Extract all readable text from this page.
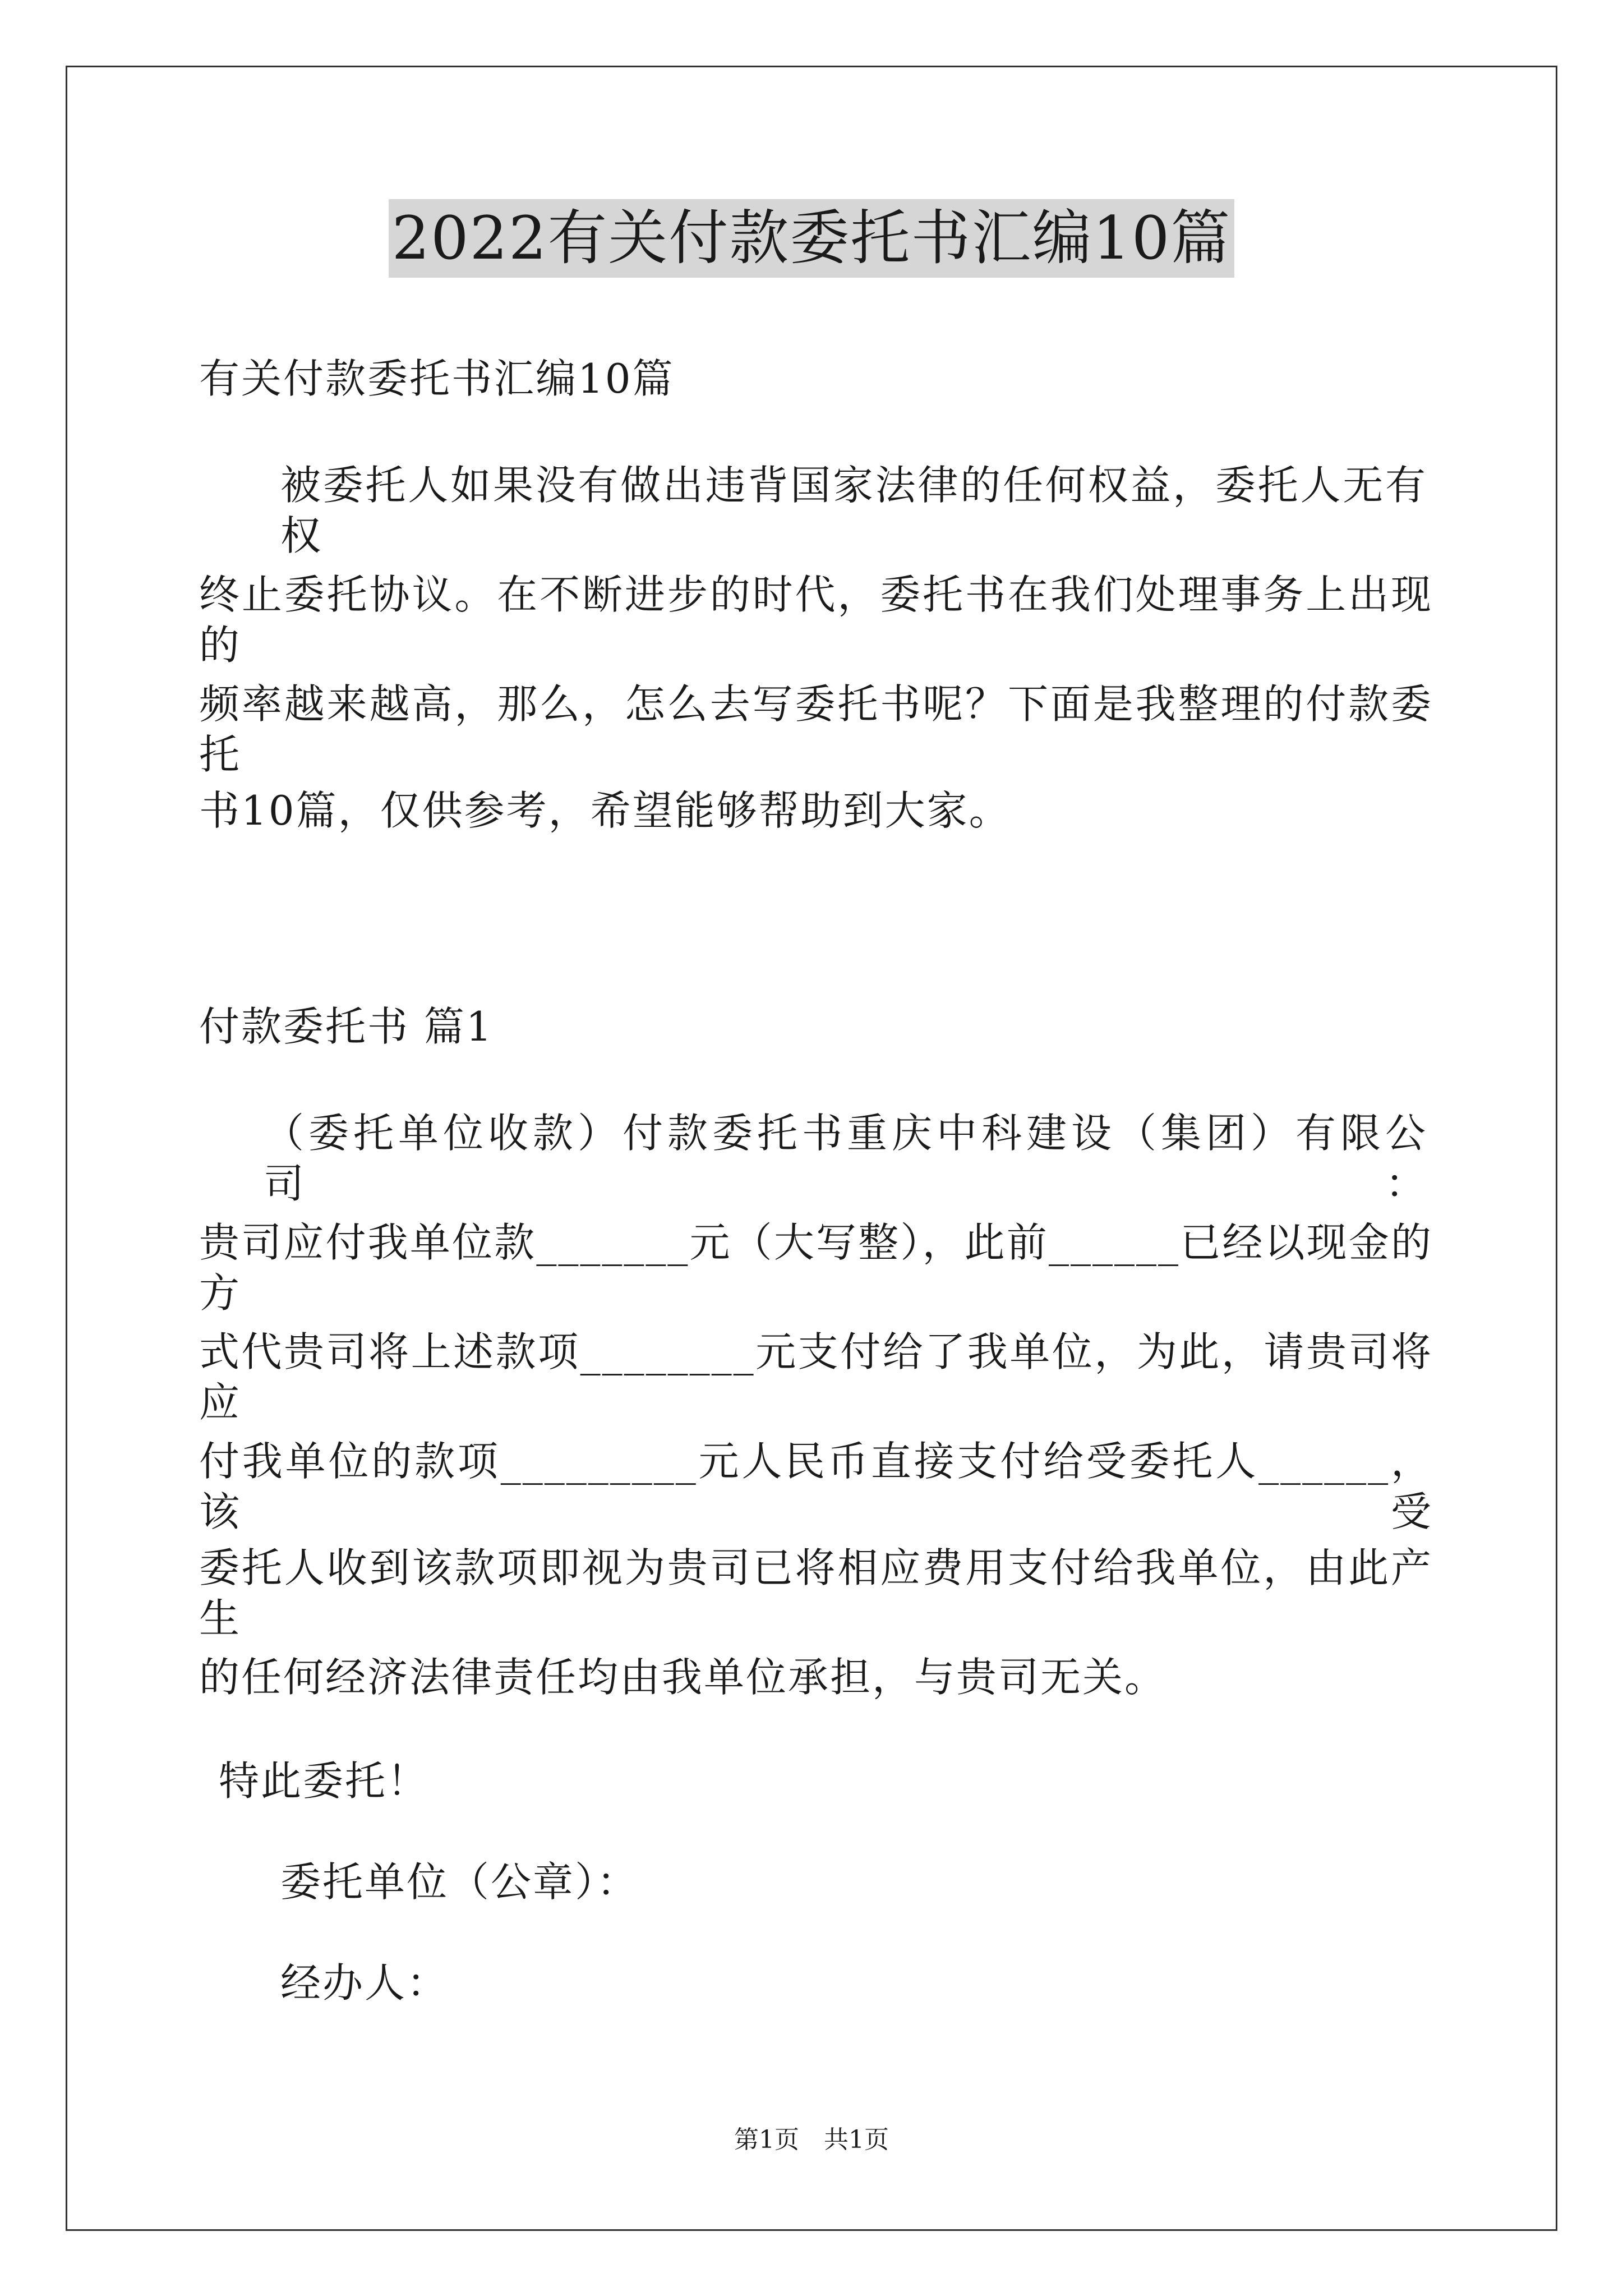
2022有关付款委托书汇编10篇
有关付款委托书汇编10篇
被委托人如果没有做出违背国家法律的任何权益，委托人无有权
终止委托协议。在不断进步的时代，委托书在我们处理事务上出现的
频率越来越高，那么，怎么去写委托书呢？下面是我整理的付款委托
书10篇，仅供参考，希望能够帮助到大家。
付款委托书 篇1
（委托单位收款）付款委托书重庆中科建设（集团）有限公司：
贵司应付我单位款_______元（大写整），此前______已经以现金的方
式代贵司将上述款项________元支付给了我单位，为此，请贵司将应
付我单位的款项_________元人民币直接支付给受委托人______，该受
委托人收到该款项即视为贵司已将相应费用支付给我单位，由此产生
的任何经济法律责任均由我单位承担，与贵司无关。
特此委托！
委托单位（公章）：
经办人：
第1页　共1页
